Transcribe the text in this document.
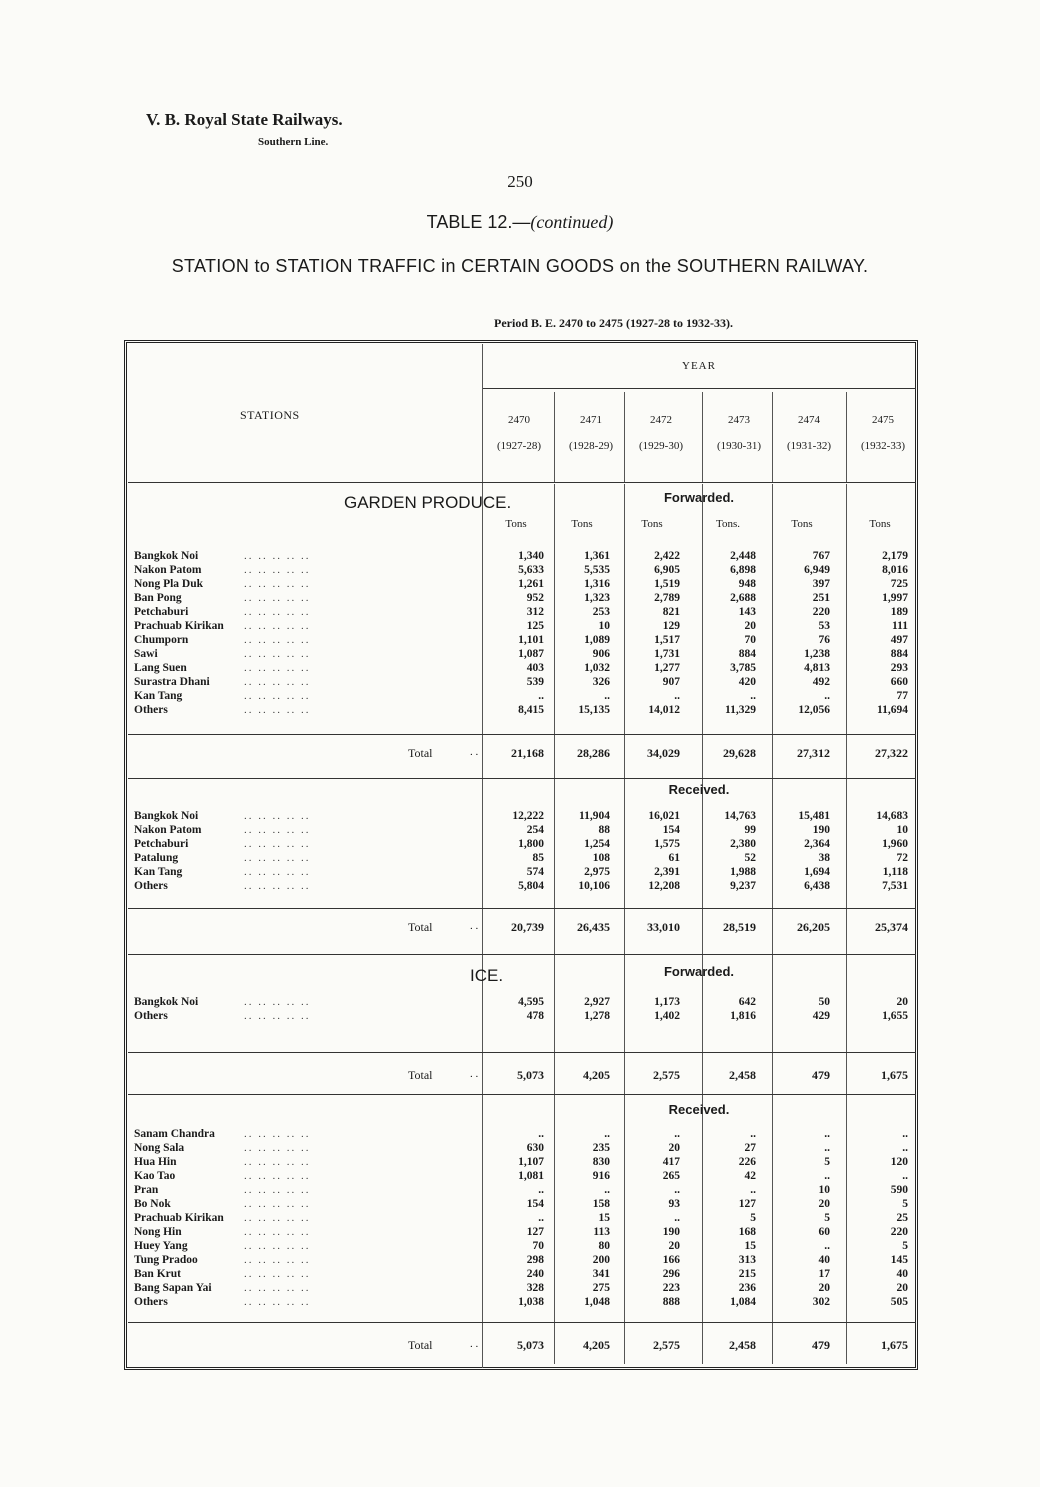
V. B. Royal State Railways.
Southern Line.
250
TABLE 12.—(continued)
STATION to STATION TRAFFIC in CERTAIN GOODS on the SOUTHERN RAILWAY.
Period B. E. 2470 to 2475 (1927-28 to 1932-33).
STATIONS
YEAR
2470
(1927-28)
2471
(1928-29)
2472
(1929-30)
2473
(1930-31)
2474
(1931-32)
2475
(1932-33)
GARDEN PRODUCE.	Forwarded.
Tons	Tons	Tons	Tons.	Tons	Tons
Bangkok Noi	.. .. .. .. ..	1,340	1,361	2,422	2,448	767	2,179
Nakon Patom	.. .. .. .. ..	5,633	5,535	6,905	6,898	6,949	8,016
Nong Pla Duk	.. .. .. .. ..	1,261	1,316	1,519	948	397	725
Ban Pong	.. .. .. .. ..	952	1,323	2,789	2,688	251	1,997
Petchaburi	.. .. .. .. ..	312	253	821	143	220	189
Prachuab Kirikan .. .. .. .. ..	125	10	129	20	53	111
Chumporn	.. .. .. .. ..	1,101	1,089	1,517	70	76	497
Sawi	.. .. .. .. ..	1,087	906	1,731	884	1,238	884
Lang Suen	.. .. .. .. ..	403	1,032	1,277	3,785	4,813	293
Surastra Dhani	.. .. .. .. ..	539	326	907	420	492	660
Kan Tang	.. .. .. .. ..	..	..	..	..	..	77
Others	.. .. .. .. ..	8,415	15,135	14,012	11,329	12,056	11,694
Total	. .	21,168	28,286	34,029	29,628	27,312	27,322
Received.
Bangkok Noi	.. .. .. .. ..	12,222	11,904	16,021	14,763	15,481	14,683
Nakon Patom	.. .. .. .. ..	254	88	154	99	190	10
Petchaburi	.. .. .. .. ..	1,800	1,254	1,575	2,380	2,364	1,960
Patalung	.. .. .. .. ..	85	108	61	52	38	72
Kan Tang	.. .. .. .. ..	574	2,975	2,391	1,988	1,694	1,118
Others	.. .. .. .. ..	5,804	10,106	12,208	9,237	6,438	7,531
Total	. .	20,739	26,435	33,010	28,519	26,205	25,374
ICE.	Forwarded.
Bangkok Noi	.. .. .. .. ..	4,595	2,927	1,173	642	50	20
Others	.. .. .. .. ..	478	1,278	1,402	1,816	429	1,655
Total	. .	5,073	4,205	2,575	2,458	479	1,675
Received.
Sanam Chandra	.. .. .. .. ..	..	..	..	..	..	..
Nong Sala	.. .. .. .. ..	630	235	20	27	..	..
Hua Hin	.. .. .. .. ..	1,107	830	417	226	5	120
Kao Tao	.. .. .. .. ..	1,081	916	265	42	..	..
Pran	.. .. .. .. ..	..	..	..	..	10	590
Bo Nok	.. .. .. .. ..	154	158	93	127	20	5
Prachuab Kirikan .. .. .. .. ..	..	15	..	5	5	25
Nong Hin	.. .. .. .. ..	127	113	190	168	60	220
Huey Yang	.. .. .. .. ..	70	80	20	15	..	5
Tung Pradoo	.. .. .. .. ..	298	200	166	313	40	145
Ban Krut	.. .. .. .. ..	240	341	296	215	17	40
Bang Sapan Yai	.. .. .. .. ..	328	275	223	236	20	20
Others	.. .. .. .. ..	1,038	1,048	888	1,084	302	505
Total	. .	5,073	4,205	2,575	2,458	479	1,675
